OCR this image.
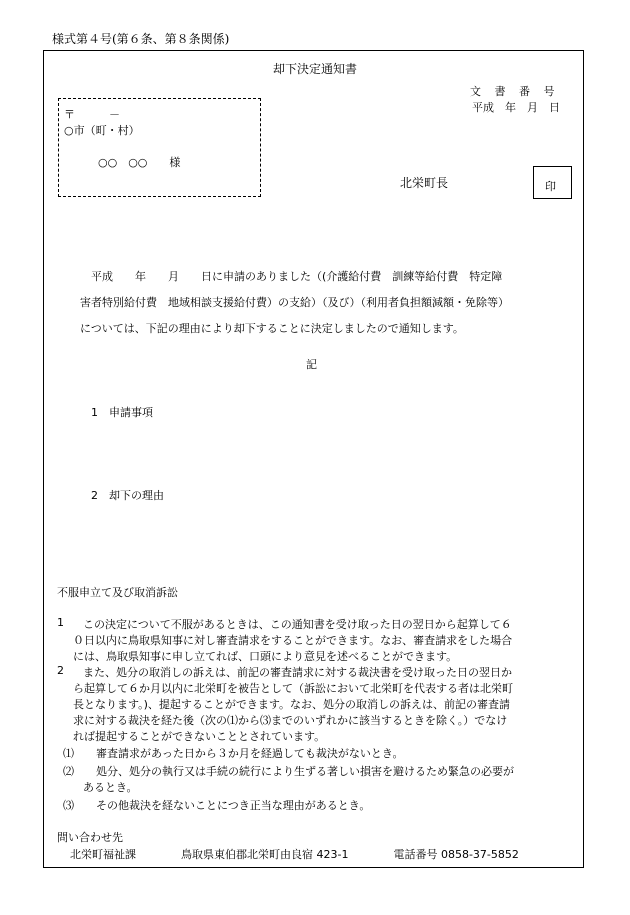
様式第４号(第６条、第８条関係)
却下決定通知書
文書番号
平成　年　月　日
〒	－
○市（町・村）
○○　○○　　様
北栄町長	印
　平成　　年　　月　　日に申請のありました（(介護給付費　訓練等給付費　特定障
害者特別給付費　地域相談支援給付費）の支給）（及び）（利用者負担額減額・免除等）
については、下記の理由により却下することに決定しましたので通知します。
記
1　申請事項
2　却下の理由
不服申立て及び取消訴訟
1 この決定について不服があるときは、この通知書を受け取った日の翌日から起算して６
０日以内に鳥取県知事に対し審査請求をすることができます。なお、審査請求をした場合
には、鳥取県知事に申し立てれば、口頭により意見を述べることができます。
2 また、処分の取消しの訴えは、前記の審査請求に対する裁決書を受け取った日の翌日か
ら起算して６か月以内に北栄町を被告として（訴訟において北栄町を代表する者は北栄町
長となります。)、提起することができます。なお、処分の取消しの訴えは、前記の審査請
求に対する裁決を経た後（次の⑴から⑶までのいずれかに該当するときを除く。）でなけ
れば提起することができないこととされています。
⑴ 審査請求があった日から３か月を経過しても裁決がないとき。
⑵ 処分、処分の執行又は手続の続行により生ずる著しい損害を避けるため緊急の必要が
あるとき。
⑶ その他裁決を経ないことにつき正当な理由があるとき。
問い合わせ先
北栄町福祉課	鳥取県東伯郡北栄町由良宿 423-1	電話番号 0858-37-5852
